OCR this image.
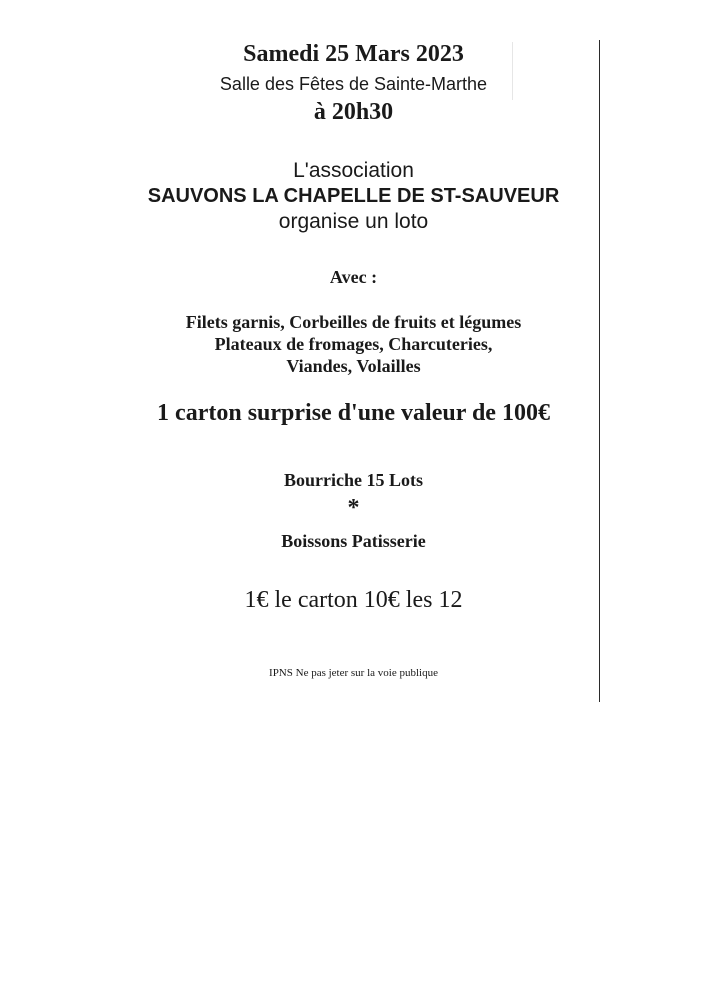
Samedi 25 Mars 2023
Salle des Fêtes de Sainte-Marthe
à 20h30
L'association
SAUVONS LA CHAPELLE DE ST-SAUVEUR
organise un loto
Avec :
Filets garnis, Corbeilles de fruits et légumes
Plateaux de fromages, Charcuteries,
Viandes, Volailles
1 carton surprise d'une valeur de 100€
Bourriche 15 Lots
*
Boissons Patisserie
1€ le carton 10€ les 12
IPNS Ne pas jeter sur la voie publique
